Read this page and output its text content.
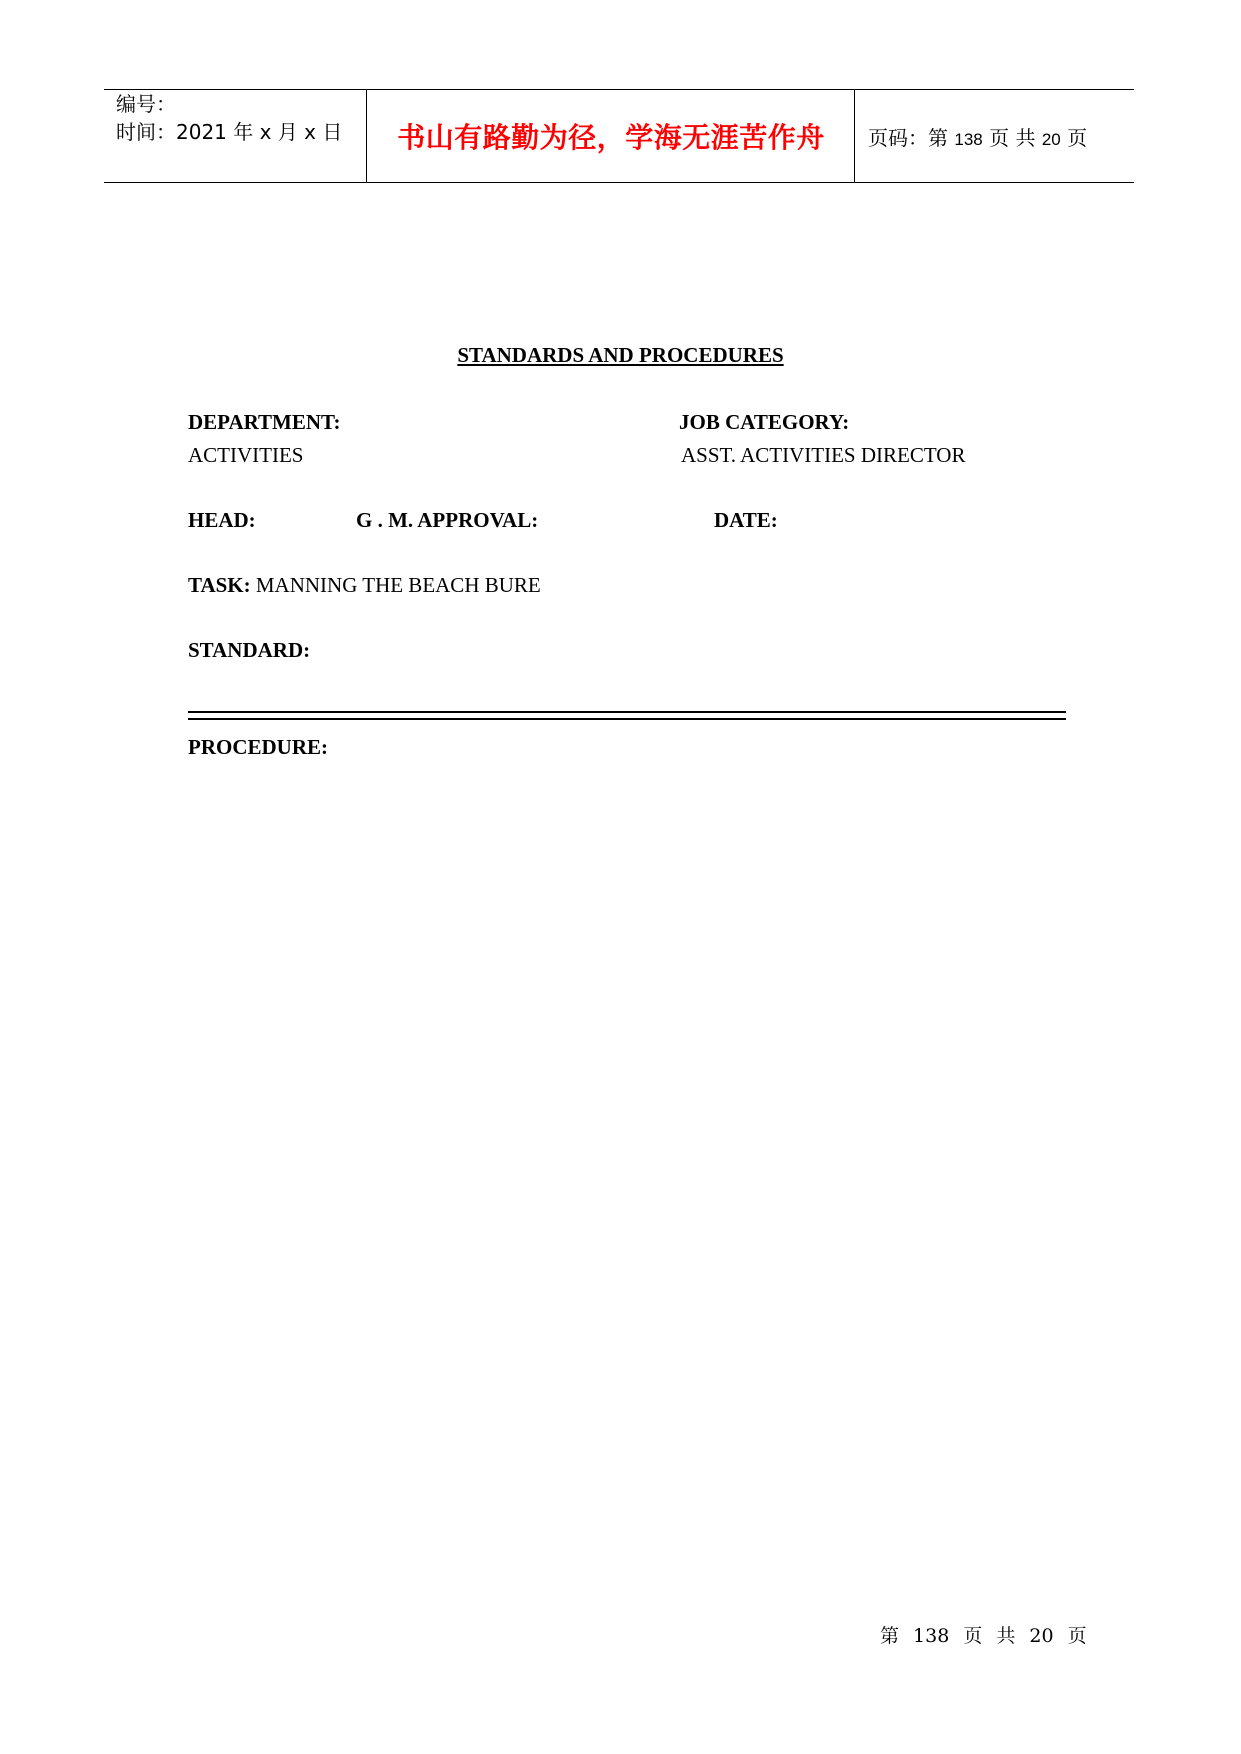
编号：
时间：2021 年 x 月 x 日 书山有路勤为径，学海无涯苦作舟 页码：第 138 页 共 20 页
STANDARDS AND PROCEDURES
DEPARTMENT:
ACTIVITIES
JOB CATEGORY:
ASST. ACTIVITIES DIRECTOR
HEAD:	G . M. APPROVAL:	DATE:
TASK: MANNING THE BEACH BURE
STANDARD:
PROCEDURE:
第 138 页 共 20 页
